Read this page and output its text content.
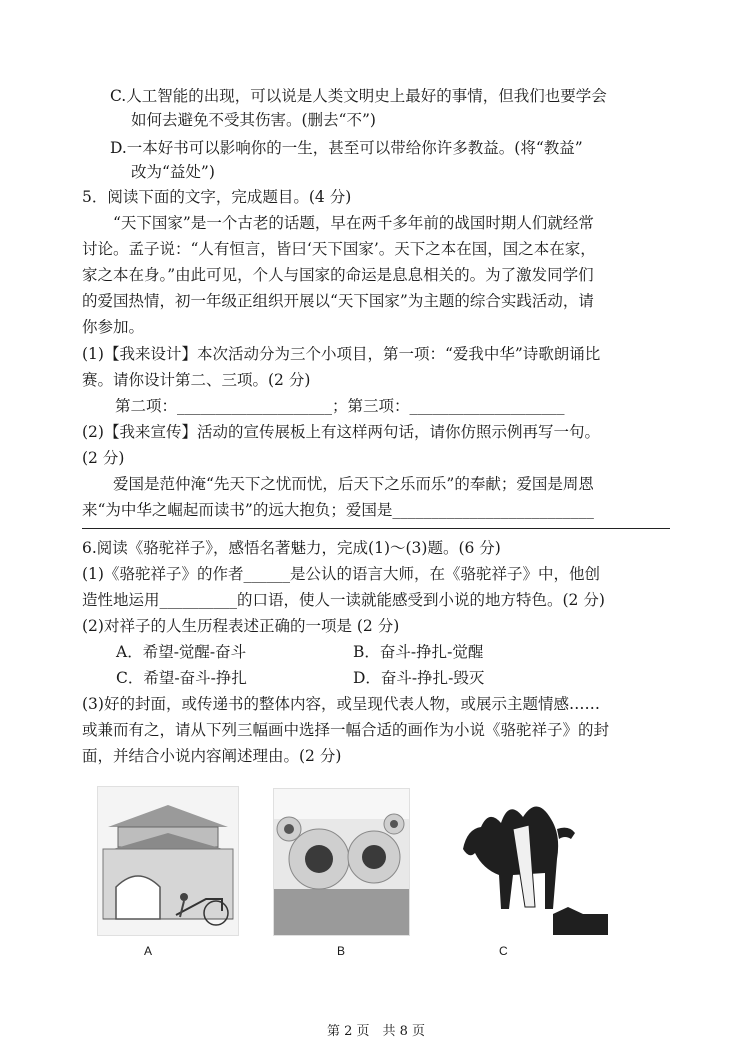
C.人工智能的出现，可以说是人类文明史上最好的事情，但我们也要学会
如何去避免不受其伤害。(删去“不”)
D.一本好书可以影响你的一生，甚至可以带给你许多教益。(将“教益”
改为“益处”)
5．阅读下面的文字，完成题目。(4 分)
“天下国家”是一个古老的话题，早在两千多年前的战国时期人们就经常
讨论。孟子说：“人有恒言，皆曰‘天下国家’。天下之本在国，国之本在家，
家之本在身。”由此可见，个人与国家的命运是息息相关的。为了激发同学们
的爱国热情，初一年级正组织开展以“天下国家”为主题的综合实践活动，请
你参加。
(1)【我来设计】本次活动分为三个小项目，第一项：“爱我中华”诗歌朗诵比
赛。请你设计第二、三项。(2 分)
第二项：____________________；第三项：____________________
(2)【我来宣传】活动的宣传展板上有这样两句话，请你仿照示例再写一句。
(2 分)
爱国是范仲淹“先天下之忧而忧，后天下之乐而乐”的奉献；爱国是周恩
来“为中华之崛起而读书”的远大抱负；爱国是__________________________
6.阅读《骆驼祥子》，感悟名著魅力，完成(1)～(3)题。(6 分)
(1)《骆驼祥子》的作者______是公认的语言大师，在《骆驼祥子》中，他创
造性地运用__________的口语，使人一读就能感受到小说的地方特色。(2 分)
(2)对祥子的人生历程表述正确的一项是 (2 分)
A．希望-觉醒-奋斗	B．奋斗-挣扎-觉醒
C．希望-奋斗-挣扎	D．奋斗-挣扎-毁灭
(3)好的封面，或传递书的整体内容，或呈现代表人物，或展示主题情感……
或兼而有之，请从下列三幅画中选择一幅合适的画作为小说《骆驼祥子》的封
面，并结合小说内容阐述理由。(2 分)
A	B	C
第 2 页　共 8 页
